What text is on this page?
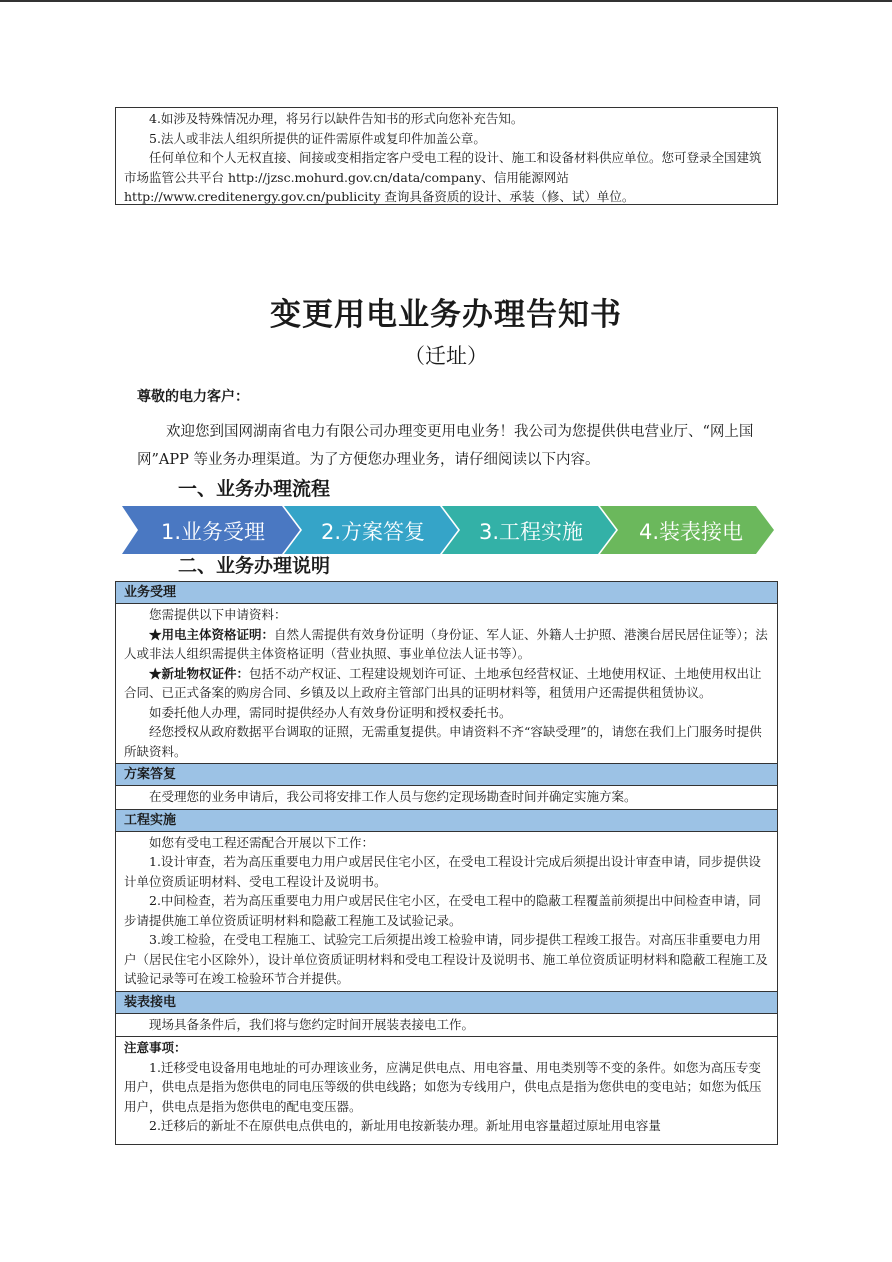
4.如涉及特殊情况办理，将另行以缺件告知书的形式向您补充告知。

5.法人或非法人组织所提供的证件需原件或复印件加盖公章。

任何单位和个人无权直接、间接或变相指定客户受电工程的设计、施工和设备材料供应单位。您可登录全国建筑市场监管公共平台 http://jzsc.mohurd.gov.cn/data/company、信用能源网站 http://www.creditenergy.gov.cn/publicity 查询具备资质的设计、承装（修、试）单位。

变更用电业务办理告知书
（迁址）

尊敬的电力客户：

欢迎您到国网湖南省电力有限公司办理变更用电业务！我公司为您提供供电营业厅、“网上国网”APP 等业务办理渠道。为了方便您办理业务，请仔细阅读以下内容。

一、业务办理流程
1.业务受理	2.方案答复	3.工程实施	4.装表接电
二、业务办理说明
业务受理

您需提供以下申请资料：

★用电主体资格证明：自然人需提供有效身份证明（身份证、军人证、外籍人士护照、港澳台居民居住证等）；法人或非法人组织需提供主体资格证明（营业执照、事业单位法人证书等）。

★新址物权证件：包括不动产权证、工程建设规划许可证、土地承包经营权证、土地使用权证、土地使用权出让合同、已正式备案的购房合同、乡镇及以上政府主管部门出具的证明材料等，租赁用户还需提供租赁协议。

如委托他人办理，需同时提供经办人有效身份证明和授权委托书。

经您授权从政府数据平台调取的证照，无需重复提供。申请资料不齐“容缺受理”的，请您在我们上门服务时提供所缺资料。

方案答复

在受理您的业务申请后，我公司将安排工作人员与您约定现场勘查时间并确定实施方案。

工程实施

如您有受电工程还需配合开展以下工作：

1.设计审查，若为高压重要电力用户或居民住宅小区，在受电工程设计完成后须提出设计审查申请，同步提供设计单位资质证明材料、受电工程设计及说明书。

2.中间检查，若为高压重要电力用户或居民住宅小区，在受电工程中的隐蔽工程覆盖前须提出中间检查申请，同步请提供施工单位资质证明材料和隐蔽工程施工及试验记录。

3.竣工检验，在受电工程施工、试验完工后须提出竣工检验申请，同步提供工程竣工报告。对高压非重要电力用户（居民住宅小区除外），设计单位资质证明材料和受电工程设计及说明书、施工单位资质证明材料和隐蔽工程施工及试验记录等可在竣工检验环节合并提供。

装表接电

现场具备条件后，我们将与您约定时间开展装表接电工作。

注意事项：

1.迁移受电设备用电地址的可办理该业务，应满足供电点、用电容量、用电类别等不变的条件。如您为高压专变用户，供电点是指为您供电的同电压等级的供电线路；如您为专线用户，供电点是指为您供电的变电站；如您为低压用户，供电点是指为您供电的配电变压器。

2.迁移后的新址不在原供电点供电的，新址用电按新装办理。新址用电容量超过原址用电容量
